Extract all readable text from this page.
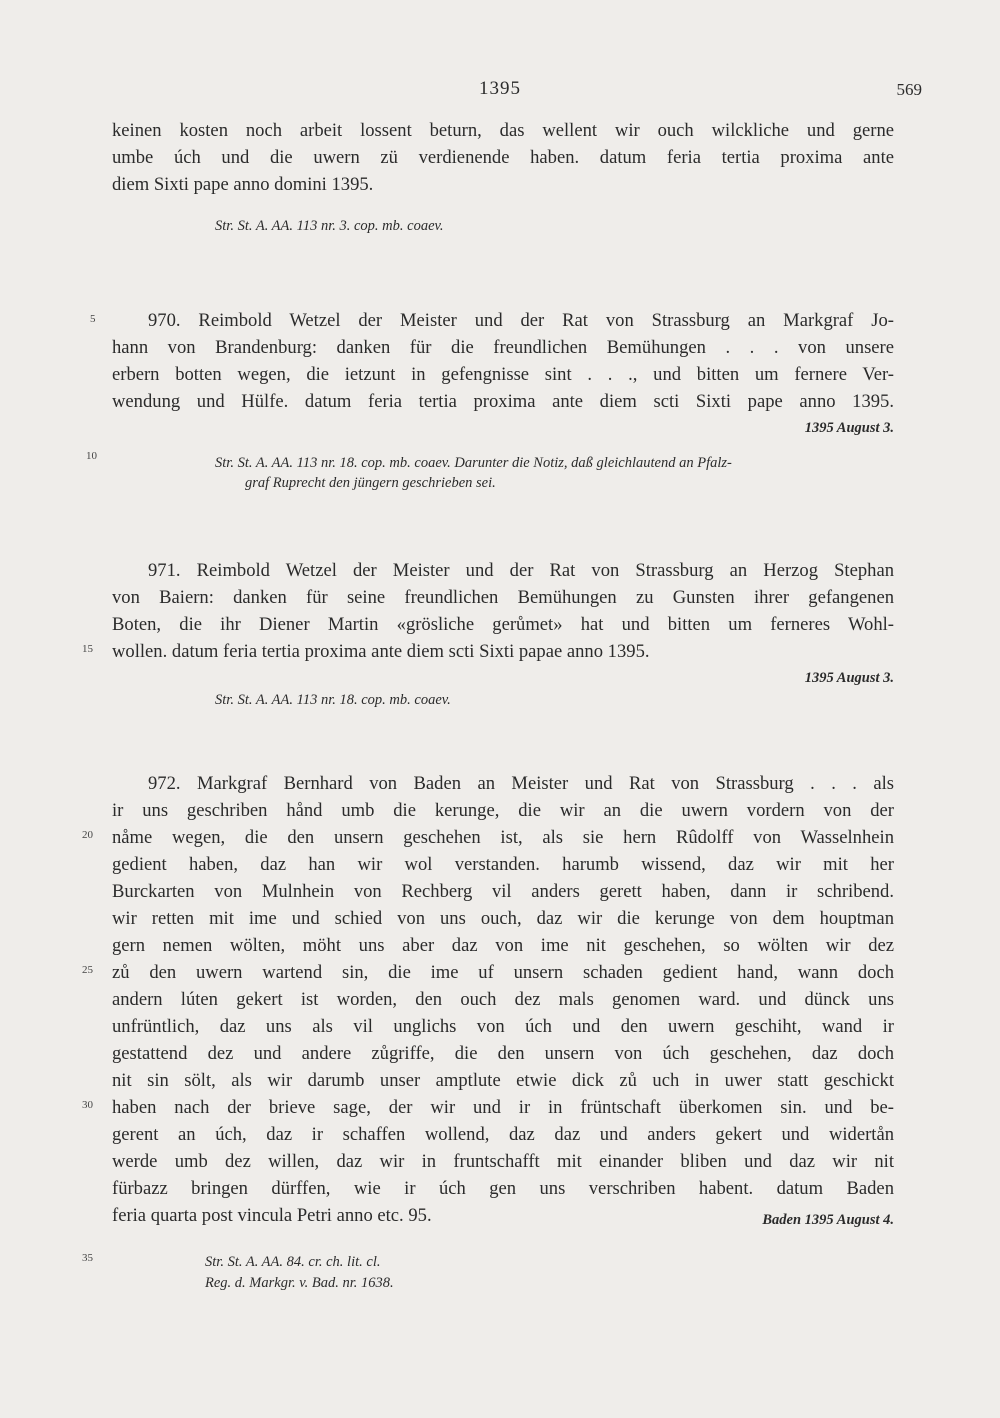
1395	569
keinen kosten noch arbeit lossent beturn, das wellent wir ouch wilckliche und gerne
umbe úch und die uwern zü verdienende haben. datum feria tertia proxima ante
diem Sixti pape anno domini 1395.
Str. St. A. AA. 113 nr. 3. cop. mb. coaev.
970. Reimbold Wetzel der Meister und der Rat von Strassburg an Markgraf Jo-
hann von Brandenburg: danken für die freundlichen Bemühungen . . . von unsere
erbern botten wegen, die ietzunt in gefengnisse sint . . ., und bitten um fernere Ver-
wendung und Hülfe. datum feria tertia proxima ante diem scti Sixti pape anno 1395.
1395 August 3.
Str. St. A. AA. 113 nr. 18. cop. mb. coaev. Darunter die Notiz, daß gleichlautend an Pfalz-
graf Ruprecht den jüngern geschrieben sei.
971. Reimbold Wetzel der Meister und der Rat von Strassburg an Herzog Stephan
von Baiern: danken für seine freundlichen Bemühungen zu Gunsten ihrer gefangenen
Boten, die ihr Diener Martin «grösliche gerůmet» hat und bitten um ferneres Wohl-
wollen. datum feria tertia proxima ante diem scti Sixti papae anno 1395.
1395 August 3.
Str. St. A. AA. 113 nr. 18. cop. mb. coaev.
972. Markgraf Bernhard von Baden an Meister und Rat von Strassburg . . . als
ir uns geschriben hånd umb die kerunge, die wir an die uwern vordern von der
nåme wegen, die den unsern geschehen ist, als sie hern Rûdolff von Wasselnhein
gedient haben, daz han wir wol verstanden. harumb wissend, daz wir mit her
Burckarten von Mulnhein von Rechberg vil anders gerett haben, dann ir schribend.
wir retten mit ime und schied von uns ouch, daz wir die kerunge von dem houptman
gern nemen wölten, möht uns aber daz von ime nit geschehen, so wölten wir dez
zů den uwern wartend sin, die ime uf unsern schaden gedient hand, wann doch
andern lúten gekert ist worden, den ouch dez mals genomen ward. und dünck uns
unfrüntlich, daz uns als vil unglichs von úch und den uwern geschiht, wand ir
gestattend dez und andere zůgriffe, die den unsern von úch geschehen, daz doch
nit sin sölt, als wir darumb unser amptlute etwie dick zů uch in uwer statt geschickt
haben nach der brieve sage, der wir und ir in früntschaft überkomen sin. und be-
gerent an úch, daz ir schaffen wollend, daz daz und anders gekert und widertån
werde umb dez willen, daz wir in fruntschafft mit einander bliben und daz wir nit
fürbazz bringen dürffen, wie ir úch gen uns verschriben habent. datum Baden
feria quarta post vincula Petri anno etc. 95.	Baden 1395 August 4.
Str. St. A. AA. 84. cr. ch. lit. cl.
Reg. d. Markgr. v. Bad. nr. 1638.
5
10
15
20
25
30
35
